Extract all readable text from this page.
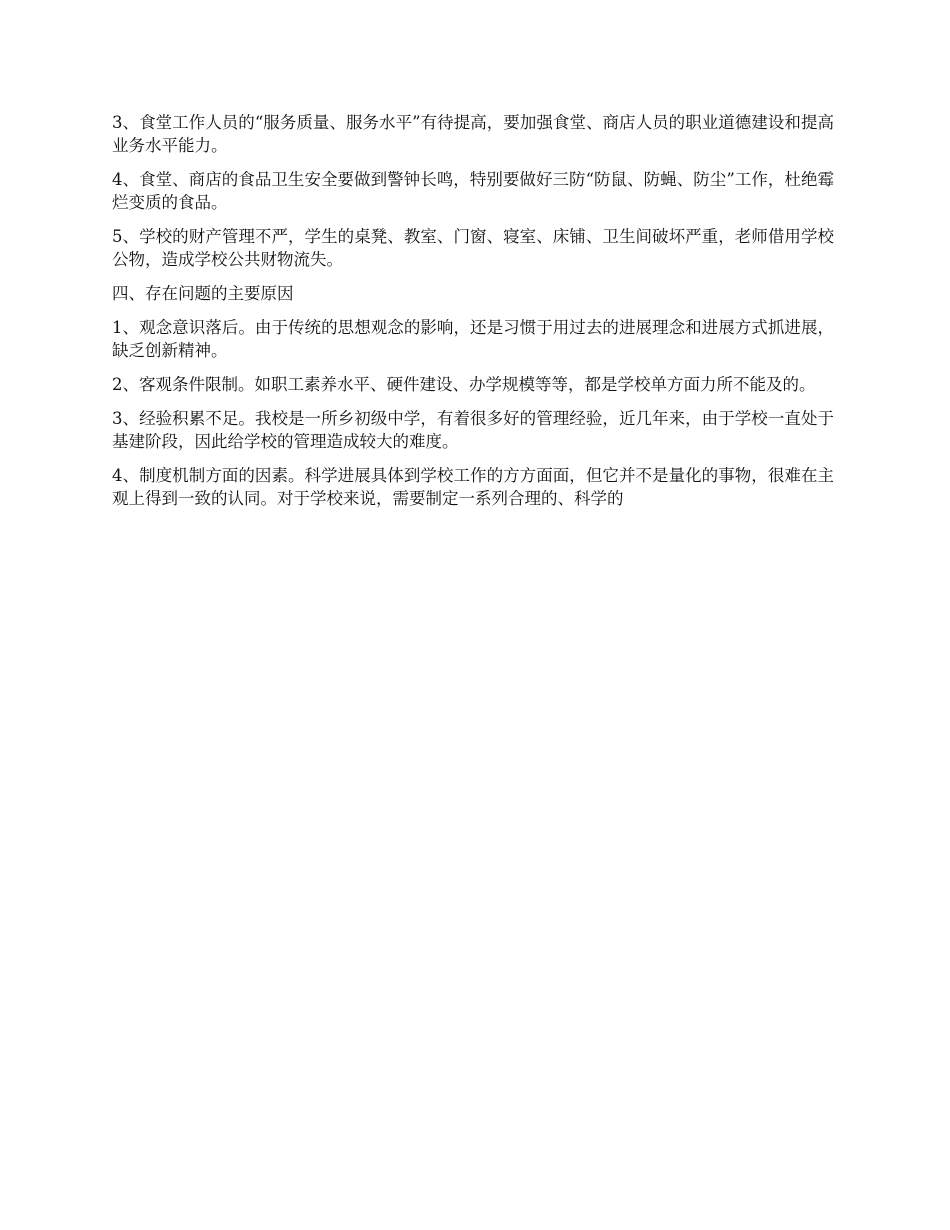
3、食堂工作人员的“服务质量、服务水平”有待提高，要加强食堂、商店人员的职业道德建设和提高业务水平能力。

4、食堂、商店的食品卫生安全要做到警钟长鸣，特别要做好三防“防鼠、防蝇、防尘”工作，杜绝霉烂变质的食品。

5、学校的财产管理不严，学生的桌凳、教室、门窗、寝室、床铺、卫生间破坏严重，老师借用学校公物，造成学校公共财物流失。

四、存在问题的主要原因

1、观念意识落后。由于传统的思想观念的影响，还是习惯于用过去的进展理念和进展方式抓进展，缺乏创新精神。

2、客观条件限制。如职工素养水平、硬件建设、办学规模等等，都是学校单方面力所不能及的。

3、经验积累不足。我校是一所乡初级中学，有着很多好的管理经验，近几年来，由于学校一直处于基建阶段，因此给学校的管理造成较大的难度。

4、制度机制方面的因素。科学进展具体到学校工作的方方面面，但它并不是量化的事物，很难在主观上得到一致的认同。对于学校来说，需要制定一系列合理的、科学的
